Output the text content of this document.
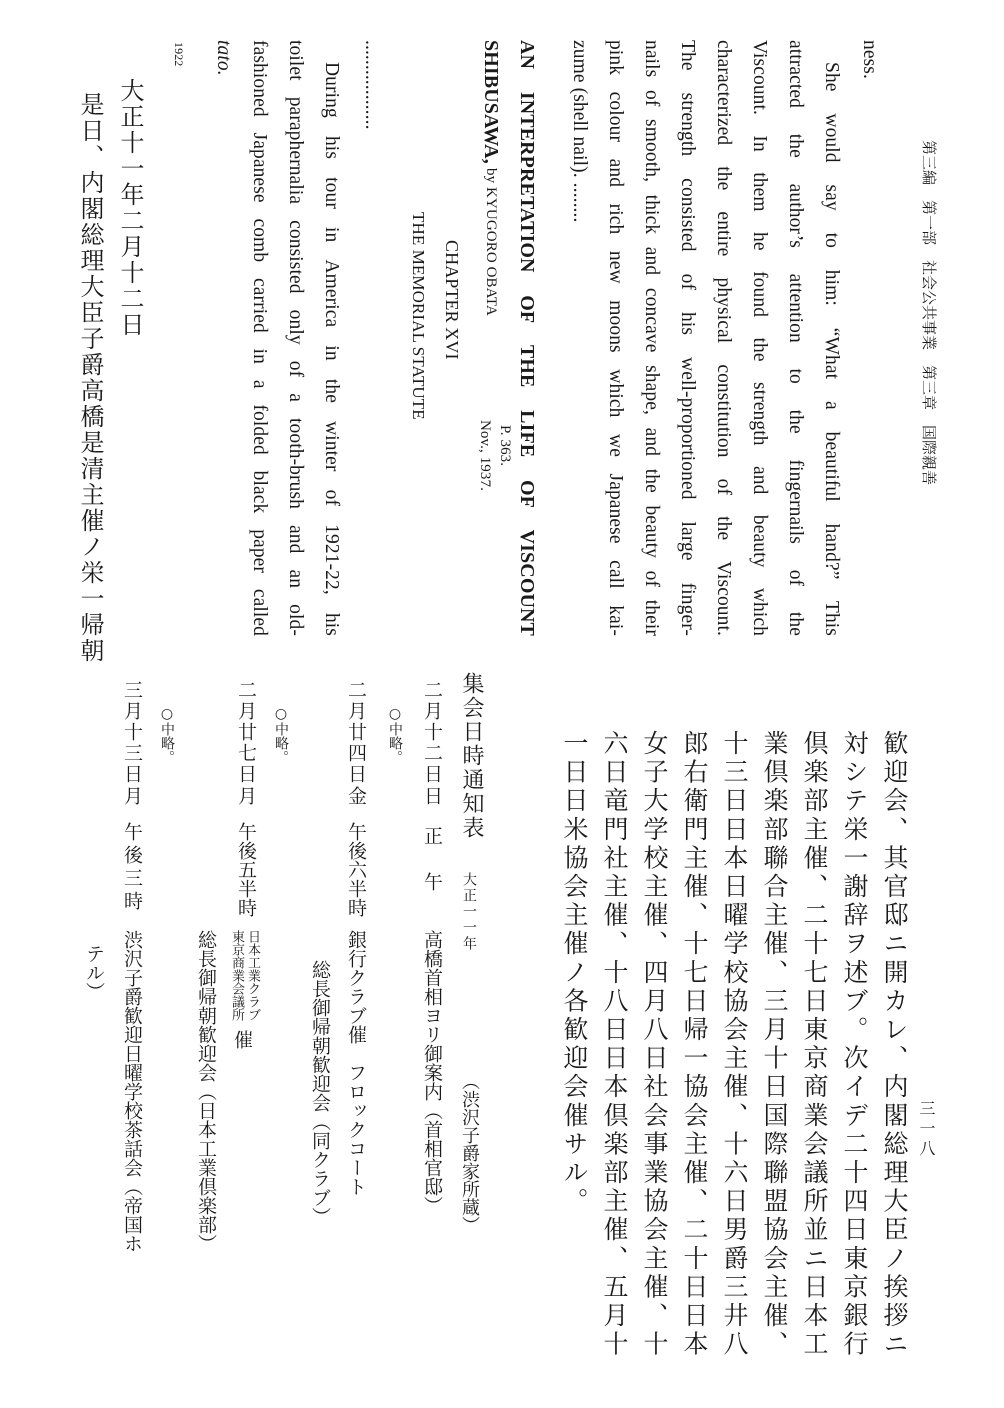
第三編　第一部　社会公共事業　第三章　国際親善
ness.
She would say to him: “What a beautiful hand?” This
attracted the author’s attention to the fingernails of the
Viscount. In them he found the strength and beauty which
characterized the entire physical constitution of the Viscount.
The strength consisted of his well-proportioned large finger-
nails of smooth, thick and concave shape, and the beauty of their
pink colour and rich new moons which we Japanese call kai-
zume (shell nail). ........
AN INTERPRETATION OF THE LIFE OF VISCOUNT
SHIBUSAWA,
by KYUGORO OBATA
P. 363.
Nov., 1937.
CHAPTER XVI
THE MEMORIAL STATUTE
..................
During his tour in America in the winter of 1921-22, his
toilet paraphernalia consisted only of a tooth-brush and an old-
fashioned Japanese comb carried in a folded black paper called
tato.
1922
大正十一年二月十二日
是日、内閣総理大臣子爵高橋是清主催ノ栄一帰朝
三一八
歓迎会、其官邸ニ開カレ、内閣総理大臣ノ挨拶ニ
対シテ栄一謝辞ヲ述ブ。次イデ二十四日東京銀行
倶楽部主催、二十七日東京商業会議所並ニ日本工
業倶楽部聯合主催、三月十日国際聯盟協会主催、
十三日日本日曜学校協会主催、十六日男爵三井八
郎右衛門主催、十七日帰一協会主催、二十日日本
女子大学校主催、四月八日社会事業協会主催、十
六日竜門社主催、十八日日本倶楽部主催、五月十
一日日米協会主催ノ各歓迎会催サル。
集会日時通知表
大正一一年
（渋沢子爵家所蔵）
二月十二日
日
正　午
高橋首相ヨリ御案内（首相官邸）
○中略。
二月廿四日
金
午後六半時
銀行クラブ催　フロックコート
総長御帰朝歓迎会（同クラブ）
○中略。
二月廿七日
月
午後五半時
日本工業クラブ
東京商業会議所
催
総長御帰朝歓迎会（日本工業倶楽部）
○中略。
三月十三日
月
午後三時
渋沢子爵歓迎日曜学校茶話会（帝国ホ
テル）
